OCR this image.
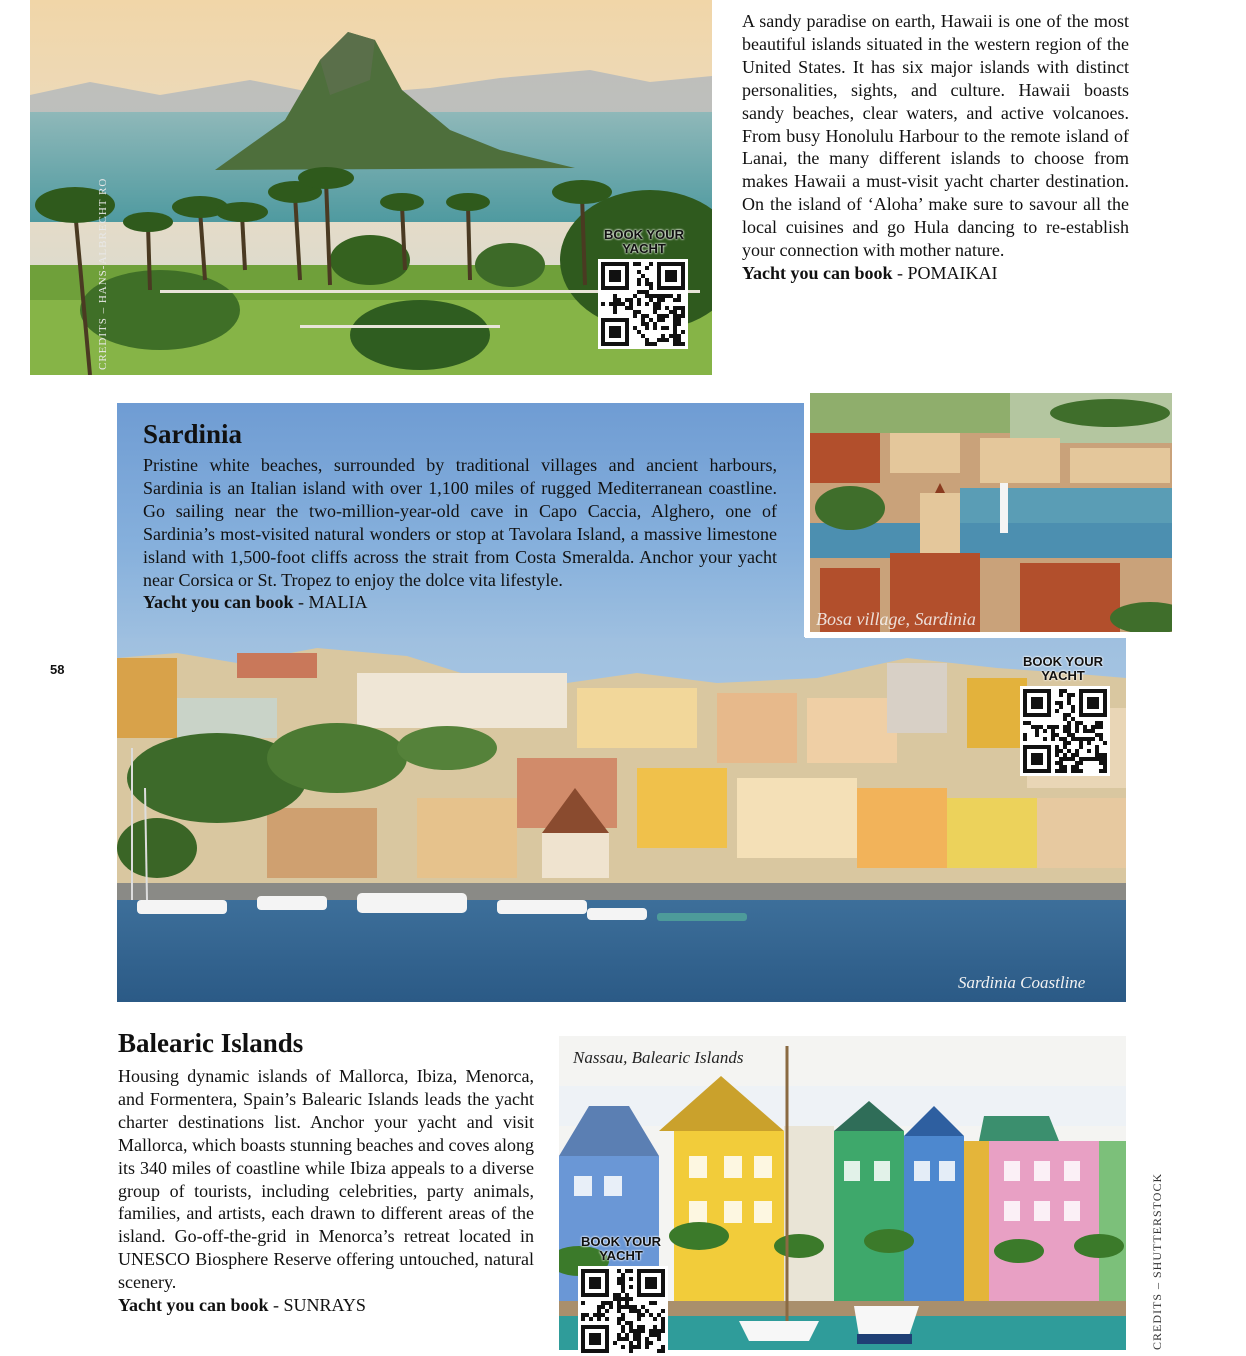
CREDITS – HANS-ALBRECHT RO	BOOK YOUR
YACHT

A sandy paradise on earth, Hawaii is one of the most beautiful islands situated in the western region of the United States. It has six major islands with distinct personalities, sights, and culture. Hawaii boasts sandy beaches, clear waters, and active volcanoes. From busy Honolulu Harbour to the remote island of Lanai, the many different islands to choose from makes Hawaii a must-visit yacht charter destination. On the island of ‘Aloha’ make sure to savour all the local cuisines and go Hula dancing to re-establish your connection with mother nature.

Yacht you can book - POMAIKAI
58
Sardinia Coastline
Bosa village, Sardinia
Sardinia

Pristine white beaches, surrounded by traditional villages and ancient harbours, Sardinia is an Italian island with over 1,100 miles of rugged Mediterranean coastline. Go sailing near the two-million-year-old cave in Capo Caccia, Alghero, one of Sardinia’s most-visited natural wonders or stop at Tavolara Island, a massive limestone island with 1,500-foot cliffs across the strait from Costa Smeralda. Anchor your yacht near Corsica or St. Tropez to enjoy the dolce vita lifestyle.

Yacht you can book - MALIA
BOOK YOUR
YACHT
Balearic Islands

Housing dynamic islands of Mallorca, Ibiza, Menorca, and Formentera, Spain’s Balearic Islands leads the yacht charter destinations list. Anchor your yacht and visit Mallorca, which boasts stunning beaches and coves along its 340 miles of coastline while Ibiza appeals to a diverse group of tourists, including celebrities, party animals, families, and artists, each drawn to different areas of the island. Go-off-the-grid in Menorca’s retreat located in UNESCO Biosphere Reserve offering untouched, natural scenery.

Yacht you can book - SUNRAYS
Nassau, Balearic Islands
BOOK YOUR
YACHT	CREDITS – SHUTTERSTOCK
